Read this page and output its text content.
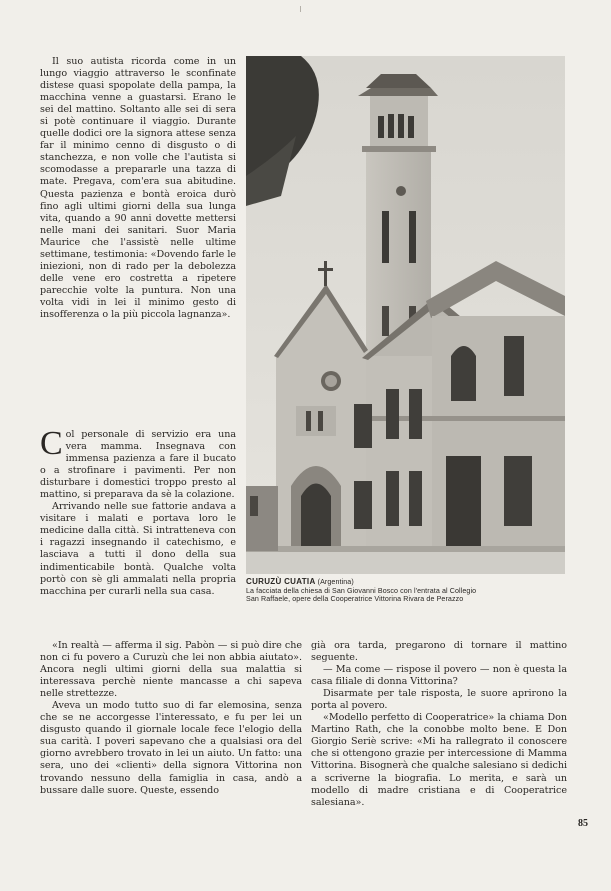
Il suo autista ricorda come in un lungo viaggio attraverso le sconfinate distese quasi spopolate della pampa, la macchina venne a guastarsi. Erano le sei del mattino. Soltanto alle sei di sera si potè continuare il viaggio. Durante quelle dodici ore la signora attese senza far il minimo cenno di disgusto o di stanchezza, e non volle che l'autista si scomodasse a prepararle una tazza di mate. Pregava, com'era sua abitudine. Questa pazienza e bontà eroica durò fino agli ultimi giorni della sua lunga vita, quando a 90 anni dovette mettersi nelle mani dei sanitari. Suor Maria Maurice che l'assistè nelle ultime settimane, testimonia: «Dovendo farle le iniezioni, non di rado per la debolezza delle vene ero costretta a ripetere parecchie volte la puntura. Non una volta vidi in lei il minimo gesto di insofferenza o la più piccola lagnanza».

Col personale di servizio era una vera mamma. Insegnava con immensa pazienza a fare il bucato o a strofinare i pavimenti. Per non disturbare i domestici troppo presto al mattino, si preparava da sè la colazione.

Arrivando nelle sue fattorie andava a visitare i malati e portava loro le medicine dalla città. Si intratteneva con i ragazzi insegnando il catechismo, e lasciava a tutti il dono della sua indimenticabile bontà. Qualche volta portò con sè gli ammalati nella propria macchina per curarli nella sua casa.

CURUZÙ CUATIA (Argentina)
La facciata della chiesa di San Giovanni Bosco con l'entrata al Collegio
San Raffaele, opere della Cooperatrice Vittorina Rivara de Perazzo

«In realtà — afferma il sig. Pabòn — si può dire che non ci fu povero a Curuzù che lei non abbia aiutato». Ancora negli ultimi giorni della sua malattia si interessava perchè niente mancasse a chi sapeva nelle strettezze.

Aveva un modo tutto suo di far elemosina, senza che se ne accorgesse l'interessato, e fu per lei un disgusto quando il giornale locale fece l'elogio della sua carità. I poveri sapevano che a qualsiasi ora del giorno avrebbero trovato in lei un aiuto. Un fatto: una sera, uno dei «clienti» della signora Vittorina non trovando nessuno della famiglia in casa, andò a bussare dalle suore. Queste, essendo

già ora tarda, pregarono di tornare il mattino seguente.

— Ma come — rispose il povero — non è questa la casa filiale di donna Vittorina?

Disarmate per tale risposta, le suore aprirono la porta al povero.

«Modello perfetto di Cooperatrice» la chiama Don Martino Rath, che la conobbe molto bene. E Don Giorgio Seriè scrive: «Mi ha rallegrato il conoscere che si ottengono grazie per intercessione di Mamma Vittorina. Bisognerà che qualche salesiano si dedichi a scriverne la biografia. Lo merita, e sarà un modello di madre cristiana e di Cooperatrice salesiana».

85
